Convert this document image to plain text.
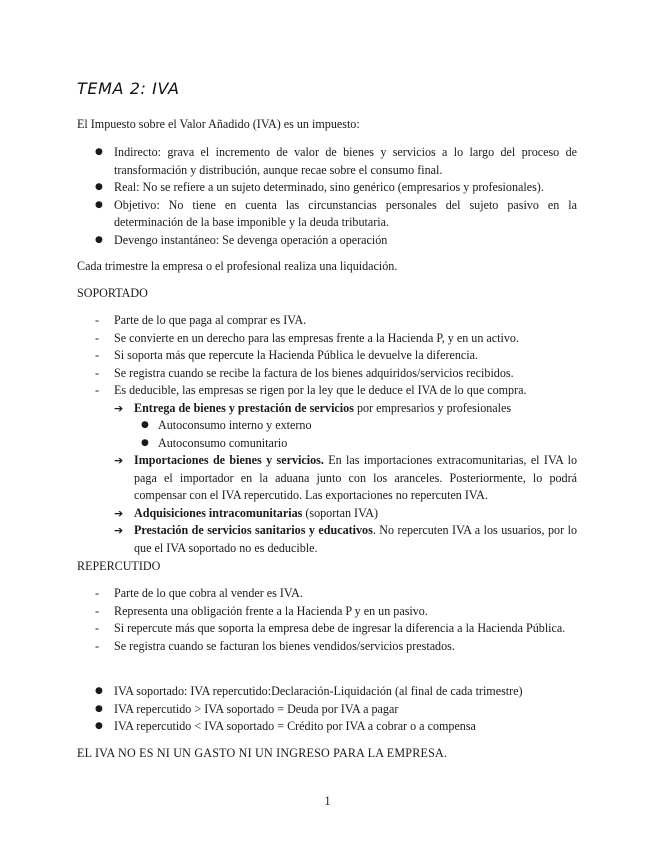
TEMA 2: IVA
El Impuesto sobre el Valor Añadido (IVA) es un impuesto:
● Indirecto: grava el incremento de valor de bienes y servicios a lo largo del proceso de transformación y distribución, aunque recae sobre el consumo final.
● Real: No se refiere a un sujeto determinado, sino genérico (empresarios y profesionales).
● Objetivo: No tiene en cuenta las circunstancias personales del sujeto pasivo en la determinación de la base imponible y la deuda tributaria.
● Devengo instantáneo: Se devenga operación a operación
Cada trimestre la empresa o el profesional realiza una liquidación.
SOPORTADO
- Parte de lo que paga al comprar es IVA.
- Se convierte en un derecho para las empresas frente a la Hacienda P, y en un activo.
- Si soporta más que repercute la Hacienda Pública le devuelve la diferencia.
- Se registra cuando se recibe la factura de los bienes adquiridos/servicios recibidos.
- Es deducible, las empresas se rigen por la ley que le deduce el IVA de lo que compra.
➔ Entrega de bienes y prestación de servicios por empresarios y profesionales
● Autoconsumo interno y externo
● Autoconsumo comunitario
➔ Importaciones de bienes y servicios. En las importaciones extracomunitarias, el IVA lo paga el importador en la aduana junto con los aranceles. Posteriormente, lo podrá compensar con el IVA repercutido. Las exportaciones no repercuten IVA.
➔ Adquisiciones intracomunitarias (soportan IVA)
➔ Prestación de servicios sanitarios y educativos. No repercuten IVA a los usuarios, por lo que el IVA soportado no es deducible.
REPERCUTIDO
- Parte de lo que cobra al vender es IVA.
- Representa una obligación frente a la Hacienda P y en un pasivo.
- Si repercute más que soporta la empresa debe de ingresar la diferencia a la Hacienda Pública.
- Se registra cuando se facturan los bienes vendidos/servicios prestados.
● IVA soportado: IVA repercutido:Declaración-Liquidación (al final de cada trimestre)
● IVA repercutido > IVA soportado = Deuda por IVA a pagar
● IVA repercutido < IVA soportado = Crédito por IVA a cobrar o a compensa
EL IVA NO ES NI UN GASTO NI UN INGRESO PARA LA EMPRESA.
1
